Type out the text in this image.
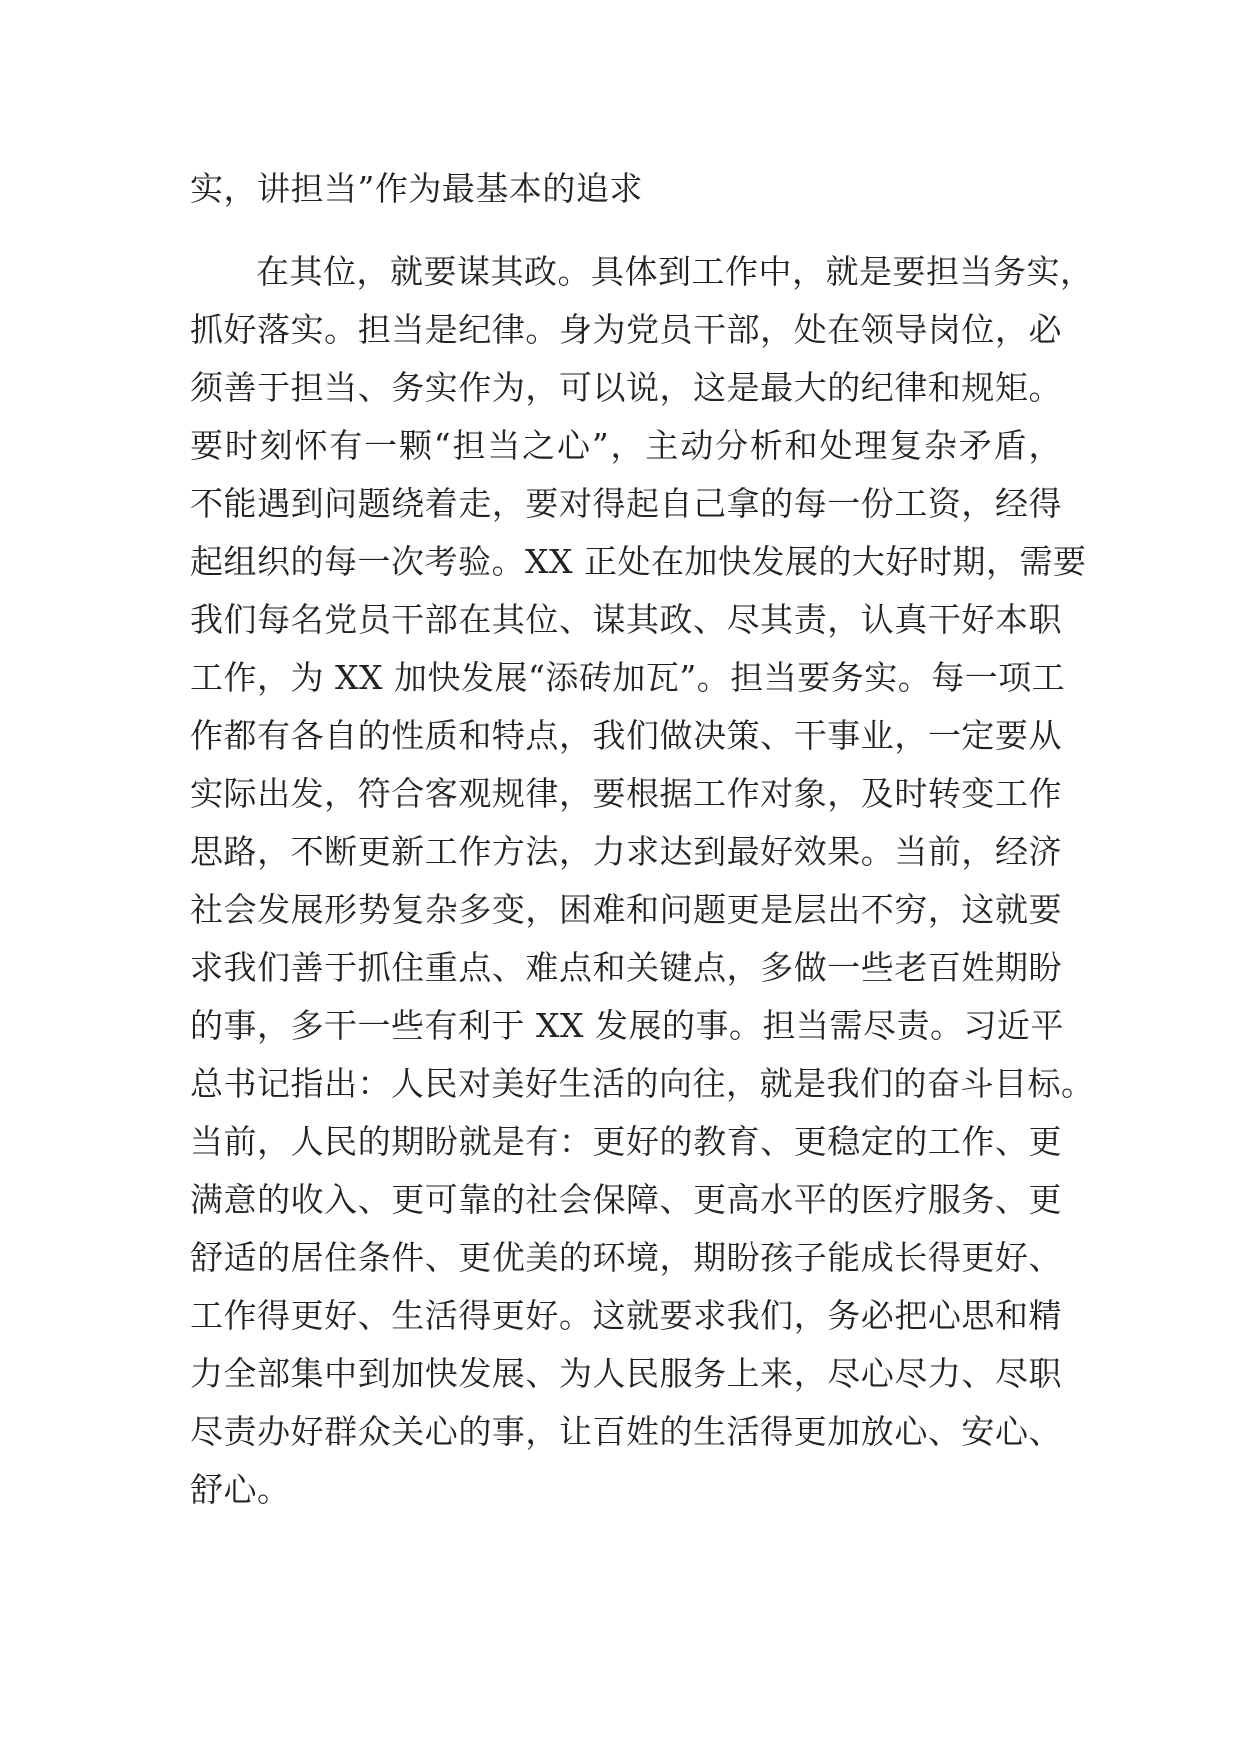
实，讲担当”作为最基本的追求
在其位，就要谋其政。具体到工作中，就是要担当务实，
抓好落实。担当是纪律。身为党员干部，处在领导岗位，必
须善于担当、务实作为，可以说，这是最大的纪律和规矩。
要时刻怀有一颗“担当之心”，主动分析和处理复杂矛盾，
不能遇到问题绕着走，要对得起自己拿的每一份工资，经得
起组织的每一次考验。XX 正处在加快发展的大好时期，需要
我们每名党员干部在其位、谋其政、尽其责，认真干好本职
工作，为 XX 加快发展“添砖加瓦”。担当要务实。每一项工
作都有各自的性质和特点，我们做决策、干事业，一定要从
实际出发，符合客观规律，要根据工作对象，及时转变工作
思路，不断更新工作方法，力求达到最好效果。当前，经济
社会发展形势复杂多变，困难和问题更是层出不穷，这就要
求我们善于抓住重点、难点和关键点，多做一些老百姓期盼
的事，多干一些有利于 XX 发展的事。担当需尽责。习近平
总书记指出：人民对美好生活的向往，就是我们的奋斗目标。
当前，人民的期盼就是有：更好的教育、更稳定的工作、更
满意的收入、更可靠的社会保障、更高水平的医疗服务、更
舒适的居住条件、更优美的环境，期盼孩子能成长得更好、
工作得更好、生活得更好。这就要求我们，务必把心思和精
力全部集中到加快发展、为人民服务上来，尽心尽力、尽职
尽责办好群众关心的事，让百姓的生活得更加放心、安心、
舒心。
